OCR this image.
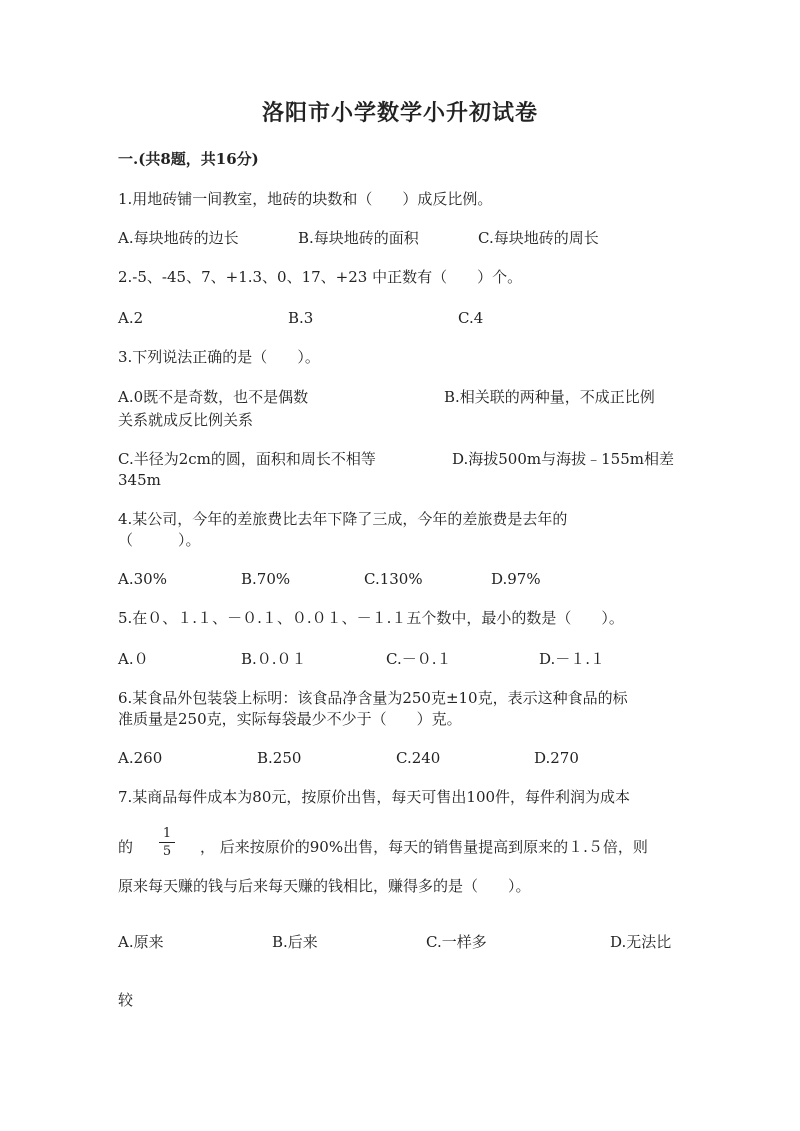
洛阳市小学数学小升初试卷
一.(共8题，共16分)
1.用地砖铺一间教室，地砖的块数和（　　）成反比例。
A.每块地砖的边长	B.每块地砖的面积	C.每块地砖的周长
2.-5、-45、7、+1.3、0、17、+23 中正数有（　　）个。
A.2	B.3	C.4
3.下列说法正确的是（　　）。
A.0既不是奇数，也不是偶数	B.相关联的两种量，不成正比例
关系就成反比例关系
C.半径为2cm的圆，面积和周长不相等	D.海拔500m与海拔﹣155m相差
345m
4.某公司，今年的差旅费比去年下降了三成，今年的差旅费是去年的
（　　　）。
A.30%	B.70%	C.130%	D.97%
5.在０、１.１、－０.１、０.０１、－１.１五个数中，最小的数是（　　）。
A.０	B.０.０１	C.－０.１	D.－１.１
6.某食品外包装袋上标明：该食品净含量为250克±10克，表示这种食品的标
准质量是250克，实际每袋最少不少于（　　）克。
A.260	B.250	C.240	D.270
7.某商品每件成本为80元，按原价出售，每天可售出100件，每件利润为成本
的
1
5	， 后来按原价的90%出售，每天的销售量提高到原来的１.５倍，则
原来每天赚的钱与后来每天赚的钱相比，赚得多的是（　　）。
A.原来	B.后来	C.一样多	D.无法比
较
